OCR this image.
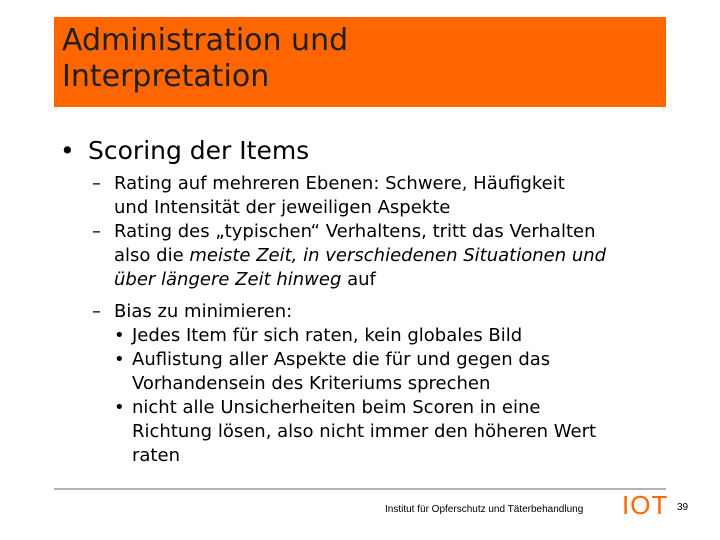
Administration und
Interpretation
• Scoring der Items
– Rating auf mehreren Ebenen: Schwere, Häufigkeit
und Intensität der jeweiligen Aspekte
– Rating des „typischen“ Verhaltens, tritt das Verhalten
also die meiste Zeit, in verschiedenen Situationen und
über längere Zeit hinweg auf
– Bias zu minimieren:
• Jedes Item für sich raten, kein globales Bild
• Auflistung aller Aspekte die für und gegen das
Vorhandensein des Kriteriums sprechen
• nicht alle Unsicherheiten beim Scoren in eine
Richtung lösen, also nicht immer den höheren Wert
raten
Institut für Opferschutz und Täterbehandlung IOT 39
